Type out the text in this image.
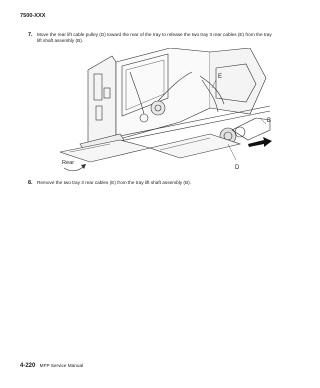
7500-XXX
7. Move the rear lift cable pulley (D) toward the rear of the tray to release the two tray 3 rear cables (E) from the tray lift shaft assembly (B).
E
B
D
Rear
8. Remove the two tray 3 rear cables (E) from the tray lift shaft assembly (B).
4-220 MFP Service Manual
